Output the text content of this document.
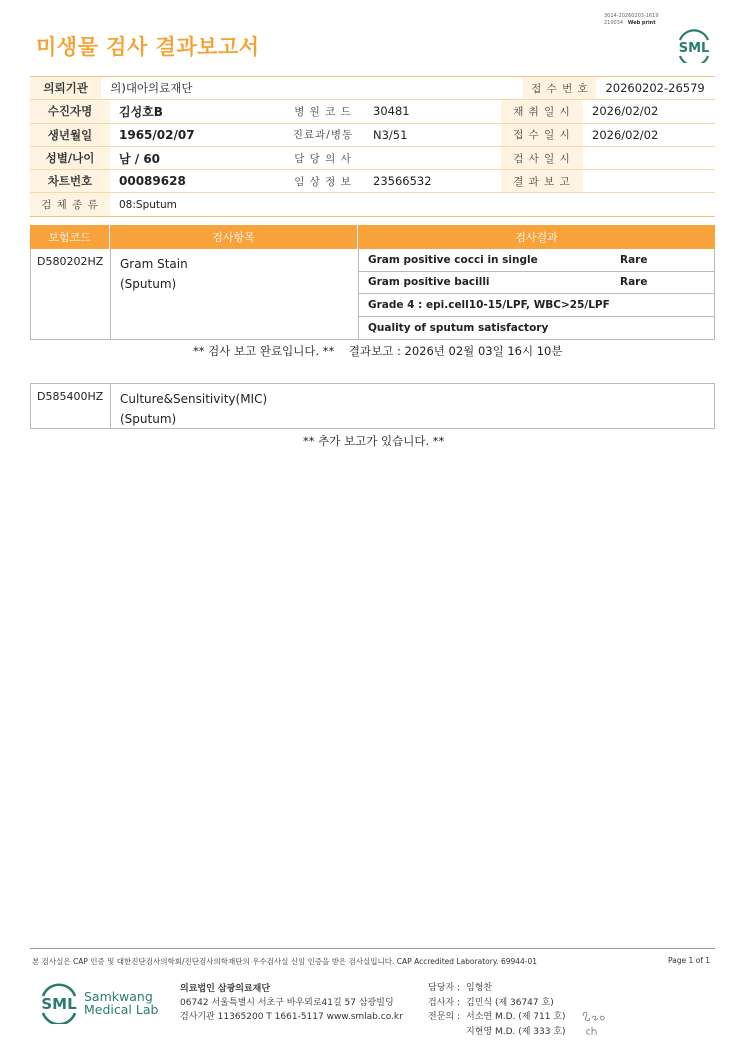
미생물 검사 결과보고서
3014-20260203-1619
210034 Web print
SML
의뢰기관	의)대아의료재단	접 수 번 호	20260202-26579
수진자명	김성호B	병 원 코 드	30481	채 취 일 시	2026/02/02
생년월일	1965/02/07	진료과/병동	N3/51	접 수 일 시	2026/02/02
성별/나이	남 / 60	담 당 의 사	검 사 일 시
차트번호	00089628	임 상 정 보	23566532	결 과 보 고
검 체 종 류	08:Sputum
보험코드	검사항목	검사결과
D580202HZ	Gram Stain
(Sputum)
Gram positive cocci in single	Rare
Gram positive bacilli	Rare
Grade 4 : epi.cell10-15/LPF, WBC>25/LPF
Quality of sputum satisfactory
** 검사 보고 완료입니다. ** 결과보고 : 2026년 02월 03일 16시 10분
D585400HZ	Culture&Sensitivity(MIC)
(Sputum)
** 추가 보고가 있습니다. **
본 검사실은 CAP 인증 및 대한진단검사의학회/진단검사의학재단의 우수검사실 신임 인증을 받은 검사실입니다. CAP Accredited Laboratory. 69944-01	Page 1 of 1
SML Samkwang
Medical Lab
의료법인 삼광의료재단
06742 서울특별시 서초구 바우뫼로41길 57 삼광빌딩
검사기관 11365200 T 1661-5117 www.smlab.co.kr
담당자 : 임형찬
검사자 : 김민식 (제 36747 호)
전문의 : 서소연 M.D. (제 711 호)
지현영 M.D. (제 333 호)
